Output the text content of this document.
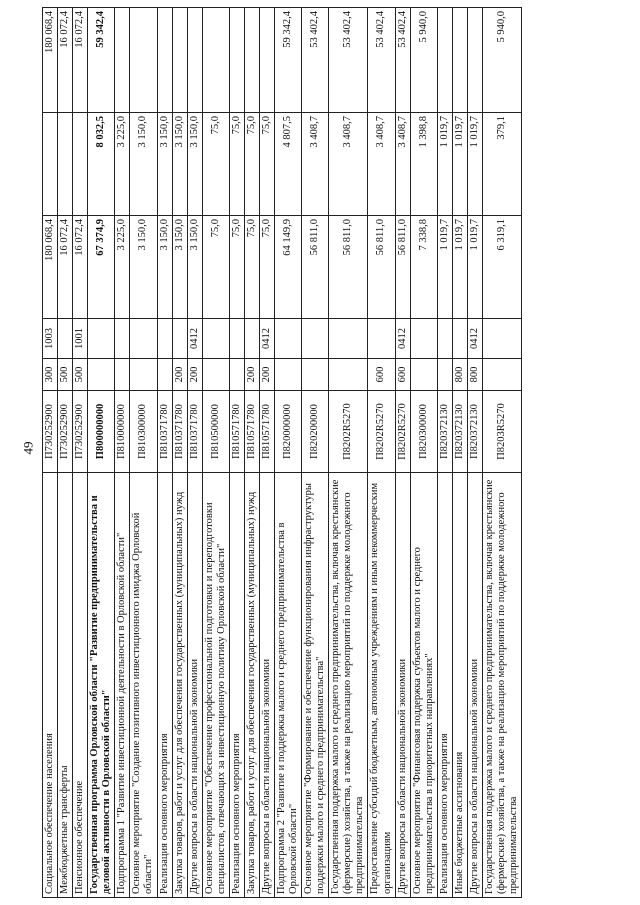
49
Социальное обеспечение населения	П730252900	300	1003	180 068,4		180 068,4
Межбюджетные трансферты	П730252900	500		16 072,4		16 072,4
Пенсионное обеспечение	П730252900	500	1001	16 072,4		16 072,4
Государственная программа Орловской области "Развитие предпринимательства и деловой активности в Орловской области"	П800000000			67 374,9	8 032,5	59 342,4
Подпрограмма 1 "Развитие инвестиционной деятельности в Орловской области"	П810000000			3 225,0	3 225,0	
Основное мероприятие "Создание позитивного инвестиционного имиджа Орловской области"	П810300000			3 150,0	3 150,0	
Реализация основного мероприятия	П810371780			3 150,0	3 150,0	
Закупка товаров, работ и услуг для обеспечения государственных (муниципальных) нужд	П810371780	200		3 150,0	3 150,0	
Другие вопросы в области национальной экономики	П810371780	200	0412	3 150,0	3 150,0	
Основное мероприятие "Обеспечение профессиональной подготовки и переподготовки специалистов, отвечающих за инвестиционную политику Орловской области"	П810500000			75,0	75,0	
Реализация основного мероприятия	П810571780			75,0	75,0	
Закупка товаров, работ и услуг для обеспечения государственных (муниципальных) нужд	П810571780	200		75,0	75,0	
Другие вопросы в области национальной экономики	П810571780	200	0412	75,0	75,0	
Подпрограмма 2 "Развитие и поддержка малого и среднего предпринимательства в Орловской области"	П820000000			64 149,9	4 807,5	59 342,4
Основное мероприятие "Формирование и обеспечение функционирования инфраструктуры поддержки малого и среднего предпринимательства"	П820200000			56 811,0	3 408,7	53 402,4
Государственная поддержка малого и среднего предпринимательства, включая крестьянские (фермерские) хозяйства, а также на реализацию мероприятий по поддержке молодежного предпринимательства	П8202R5270			56 811,0	3 408,7	53 402,4
Предоставление субсидий бюджетным, автономным учреждениям и иным некоммерческим организациям	П8202R5270	600		56 811,0	3 408,7	53 402,4
Другие вопросы в области национальной экономики	П8202R5270	600	0412	56 811,0	3 408,7	53 402,4
Основное мероприятие "Финансовая поддержка субъектов малого и среднего предпринимательства в приоритетных направлениях"	П820300000			7 338,8	1 398,8	5 940,0
Реализация основного мероприятия	П820372130			1 019,7	1 019,7	
Иные бюджетные ассигнования	П820372130	800		1 019,7	1 019,7	
Другие вопросы в области национальной экономики	П820372130	800	0412	1 019,7	1 019,7	
Государственная поддержка малого и среднего предпринимательства, включая крестьянские (фермерские) хозяйства, а также на реализацию мероприятий по поддержке молодежного предпринимательства	П8203R5270			6 319,1	379,1	5 940,0
